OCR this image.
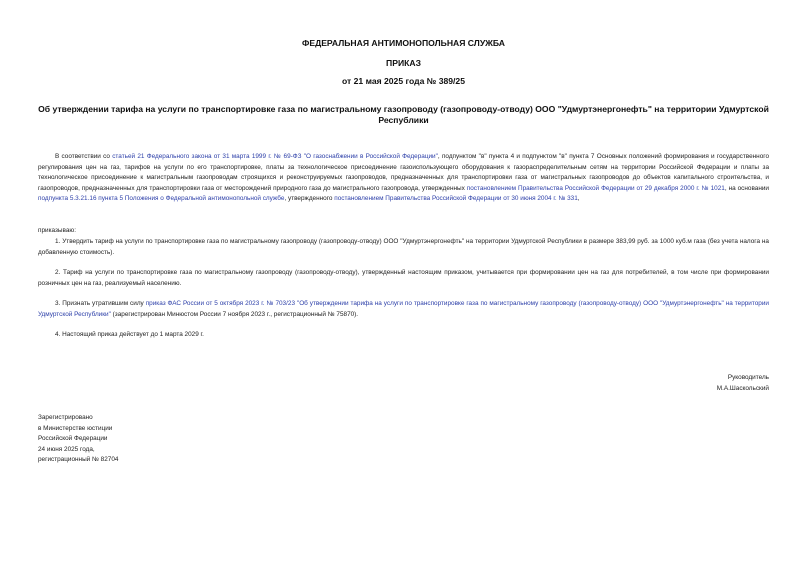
ФЕДЕРАЛЬНАЯ АНТИМОНОПОЛЬНАЯ СЛУЖБА
ПРИКАЗ
от 21 мая 2025 года № 389/25
Об утверждении тарифа на услуги по транспортировке газа по магистральному газопроводу (газопроводу-отводу) ООО "Удмуртэнергонефть" на территории Удмуртской Республики
В соответствии со статьей 21 Федерального закона от 31 марта 1999 г. № 69-ФЗ "О газоснабжении в Российской Федерации", подпунктом "в" пункта 4 и подпунктом "в" пункта 7 Основных положений формирования и государственного регулирования цен на газ, тарифов на услуги по его транспортировке, платы за технологическое присоединение газоиспользующего оборудования к газораспределительным сетям на территории Российской Федерации и платы за технологическое присоединение к магистральным газопроводам строящихся и реконструируемых газопроводов, предназначенных для транспортировки газа от магистральных газопроводов до объектов капитального строительства, и газопроводов, предназначенных для транспортировки газа от месторождений природного газа до магистрального газопровода, утвержденных постановлением Правительства Российской Федерации от 29 декабря 2000 г. № 1021, на основании подпункта 5.3.21.16 пункта 5 Положения о Федеральной антимонопольной службе, утвержденного постановлением Правительства Российской Федерации от 30 июня 2004 г. № 331,
приказываю:
1. Утвердить тариф на услуги по транспортировке газа по магистральному газопроводу (газопроводу-отводу) ООО "Удмуртэнергонефть" на территории Удмуртской Республики в размере 383,99 руб. за 1000 куб.м газа (без учета налога на добавленную стоимость).
2. Тариф на услуги по транспортировке газа по магистральному газопроводу (газопроводу-отводу), утвержденный настоящим приказом, учитывается при формировании цен на газ для потребителей, в том числе при формировании розничных цен на газ, реализуемый населению.
3. Признать утратившим силу приказ ФАС России от 5 октября 2023 г. № 703/23 "Об утверждении тарифа на услуги по транспортировке газа по магистральному газопроводу (газопроводу-отводу) ООО "Удмуртэнергонефть" на территории Удмуртской Республики" (зарегистрирован Минюстом России 7 ноября 2023 г., регистрационный № 75870).
4. Настоящий приказ действует до 1 марта 2029 г.
Руководитель
М.А.Шаскольский
Зарегистрировано
в Министерстве юстиции
Российской Федерации
24 июня 2025 года,
регистрационный № 82704
